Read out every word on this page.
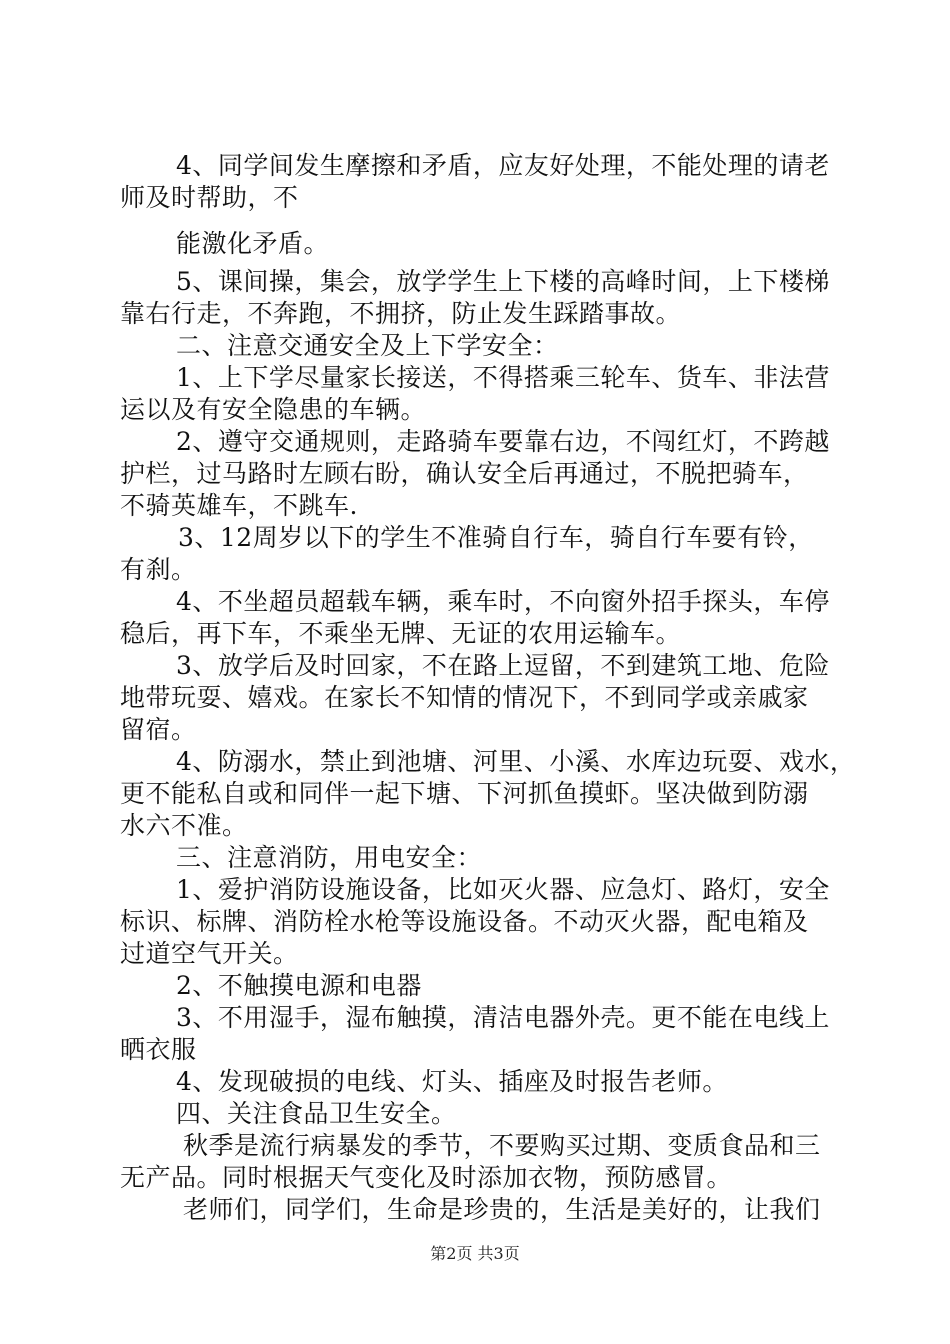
4、同学间发生摩擦和矛盾，应友好处理，不能处理的请老
师及时帮助，不
能激化矛盾。
5、课间操，集会，放学学生上下楼的高峰时间，上下楼梯
靠右行走，不奔跑，不拥挤，防止发生踩踏事故。
二、注意交通安全及上下学安全：
1、上下学尽量家长接送，不得搭乘三轮车、货车、非法营
运以及有安全隐患的车辆。
2、遵守交通规则，走路骑车要靠右边，不闯红灯，不跨越
护栏，过马路时左顾右盼，确认安全后再通过，不脱把骑车，
不骑英雄车，不跳车.
3、12周岁以下的学生不准骑自行车，骑自行车要有铃，
有刹。
4、不坐超员超载车辆，乘车时，不向窗外招手探头，车停
稳后，再下车，不乘坐无牌、无证的农用运输车。
3、放学后及时回家，不在路上逗留，不到建筑工地、危险
地带玩耍、嬉戏。在家长不知情的情况下，不到同学或亲戚家
留宿。
4、防溺水，禁止到池塘、河里、小溪、水库边玩耍、戏水，
更不能私自或和同伴一起下塘、下河抓鱼摸虾。坚决做到防溺
水六不准。
三、注意消防，用电安全：
1、爱护消防设施设备，比如灭火器、应急灯、路灯，安全
标识、标牌、消防栓水枪等设施设备。不动灭火器，配电箱及
过道空气开关。
2、不触摸电源和电器
3、不用湿手，湿布触摸，清洁电器外壳。更不能在电线上
晒衣服
4、发现破损的电线、灯头、插座及时报告老师。
四、关注食品卫生安全。
秋季是流行病暴发的季节，不要购买过期、变质食品和三
无产品。同时根据天气变化及时添加衣物，预防感冒。
老师们，同学们，生命是珍贵的，生活是美好的，让我们
第2页 共3页
